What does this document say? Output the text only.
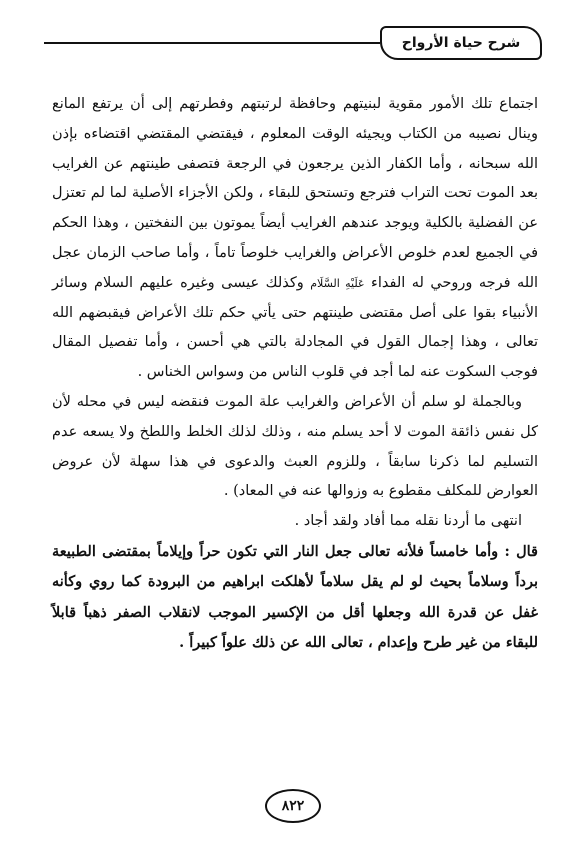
شرح حياة الأرواح

اجتماع تلك الأمور مقوية لبنيتهم وحافظة لرتبتهم وفطرتهم إلى أن يرتفع المانع وينال نصيبه من الكتاب ويجيئه الوقت المعلوم ، فيقتضي المقتضي اقتضاءه بإذن الله سبحانه ، وأما الكفار الذين يرجعون في الرجعة فتصفى طينتهم عن الغرايب بعد الموت تحت التراب فترجع وتستحق للبقاء ، ولكن الأجزاء الأصلية لما لم تعتزل عن الفضلية بالكلية ويوجد عندهم الغرايب أيضاً يموتون بين النفختين ، وهذا الحكم في الجميع لعدم خلوص الأعراض والغرايب خلوصاً تاماً ، وأما صاحب الزمان عجل الله فرجه وروحي له الفداء عَلَيْهِ السَّلَام وكذلك عيسى وغيره عليهم السلام وسائر الأنبياء بقوا على أصل مقتضى طينتهم حتى يأتي حكم تلك الأعراض فيقبضهم الله تعالى ، وهذا إجمال القول في المجادلة بالتي هي أحسن ، وأما تفصيل المقال فوجب السكوت عنه لما أجد في قلوب الناس من وسواس الخناس .

وبالجملة لو سلم أن الأعراض والغرايب علة الموت فنقضه ليس في محله لأن كل نفس ذائقة الموت لا أحد يسلم منه ، وذلك لذلك الخلط واللطخ ولا يسعه عدم التسليم لما ذكرنا سابقاً ، وللزوم العبث والدعوى في هذا سهلة لأن عروض العوارض للمكلف مقطوع به وزوالها عنه في المعاد) .

انتهى ما أردنا نقله مما أفاد ولقد أجاد .

قال : وأما خامساً فلأنه تعالى جعل النار التي تكون حراً وإيلاماً بمقتضى الطبيعة برداً وسلاماً بحيث لو لم يقل سلاماً لأهلكت ابراهيم من البرودة كما روي وكأنه غفل عن قدرة الله وجعلها أقل من الإكسير الموجب لانقلاب الصفر ذهباً قابلاً للبقاء من غير طرح وإعدام ، تعالى الله عن ذلك علواً كبيراً .

٨٢٢
